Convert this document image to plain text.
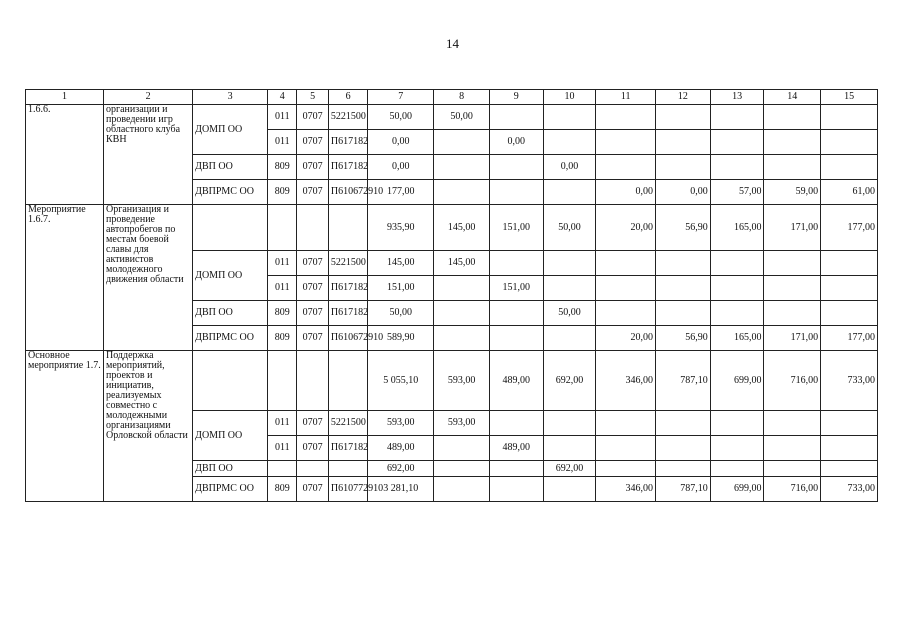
14
1	2	3	4	5	6	7	8	9	10	11	12	13	14	15
1.6.6.	организации и проведении игр областного клуба КВН	ДОМП ОО	011	0707	5221500	50,00	50,00							
			011	0707	П617182	0,00		0,00						
		ДВП ОО	809	0707	П617182	0,00			0,00					
		ДВПРМС ОО	809	0707	П610672910	177,00				0,00	0,00	57,00	59,00	61,00
Мероприятие 1.6.7.	Организация и проведение автопробегов по местам боевой славы для активистов молодежного движения области					935,90	145,00	151,00	50,00	20,00	56,90	165,00	171,00	177,00
		ДОМП ОО	011	0707	5221500	145,00	145,00							
			011	0707	П617182	151,00		151,00						
		ДВП ОО	809	0707	П617182	50,00			50,00					
		ДВПРМС ОО	809	0707	П610672910	589,90				20,00	56,90	165,00	171,00	177,00
Основное мероприятие 1.7.	Поддержка мероприятий, проектов и инициатив, реализуемых совместно с молодежными организациями Орловской области					5 055,10	593,00	489,00	692,00	346,00	787,10	699,00	716,00	733,00
		ДОМП ОО	011	0707	5221500	593,00	593,00							
			011	0707	П617182	489,00		489,00						
		ДВП ОО				692,00			692,00					
		ДВПРМС ОО	809	0707	П610772910	3 281,10				346,00	787,10	699,00	716,00	733,00
